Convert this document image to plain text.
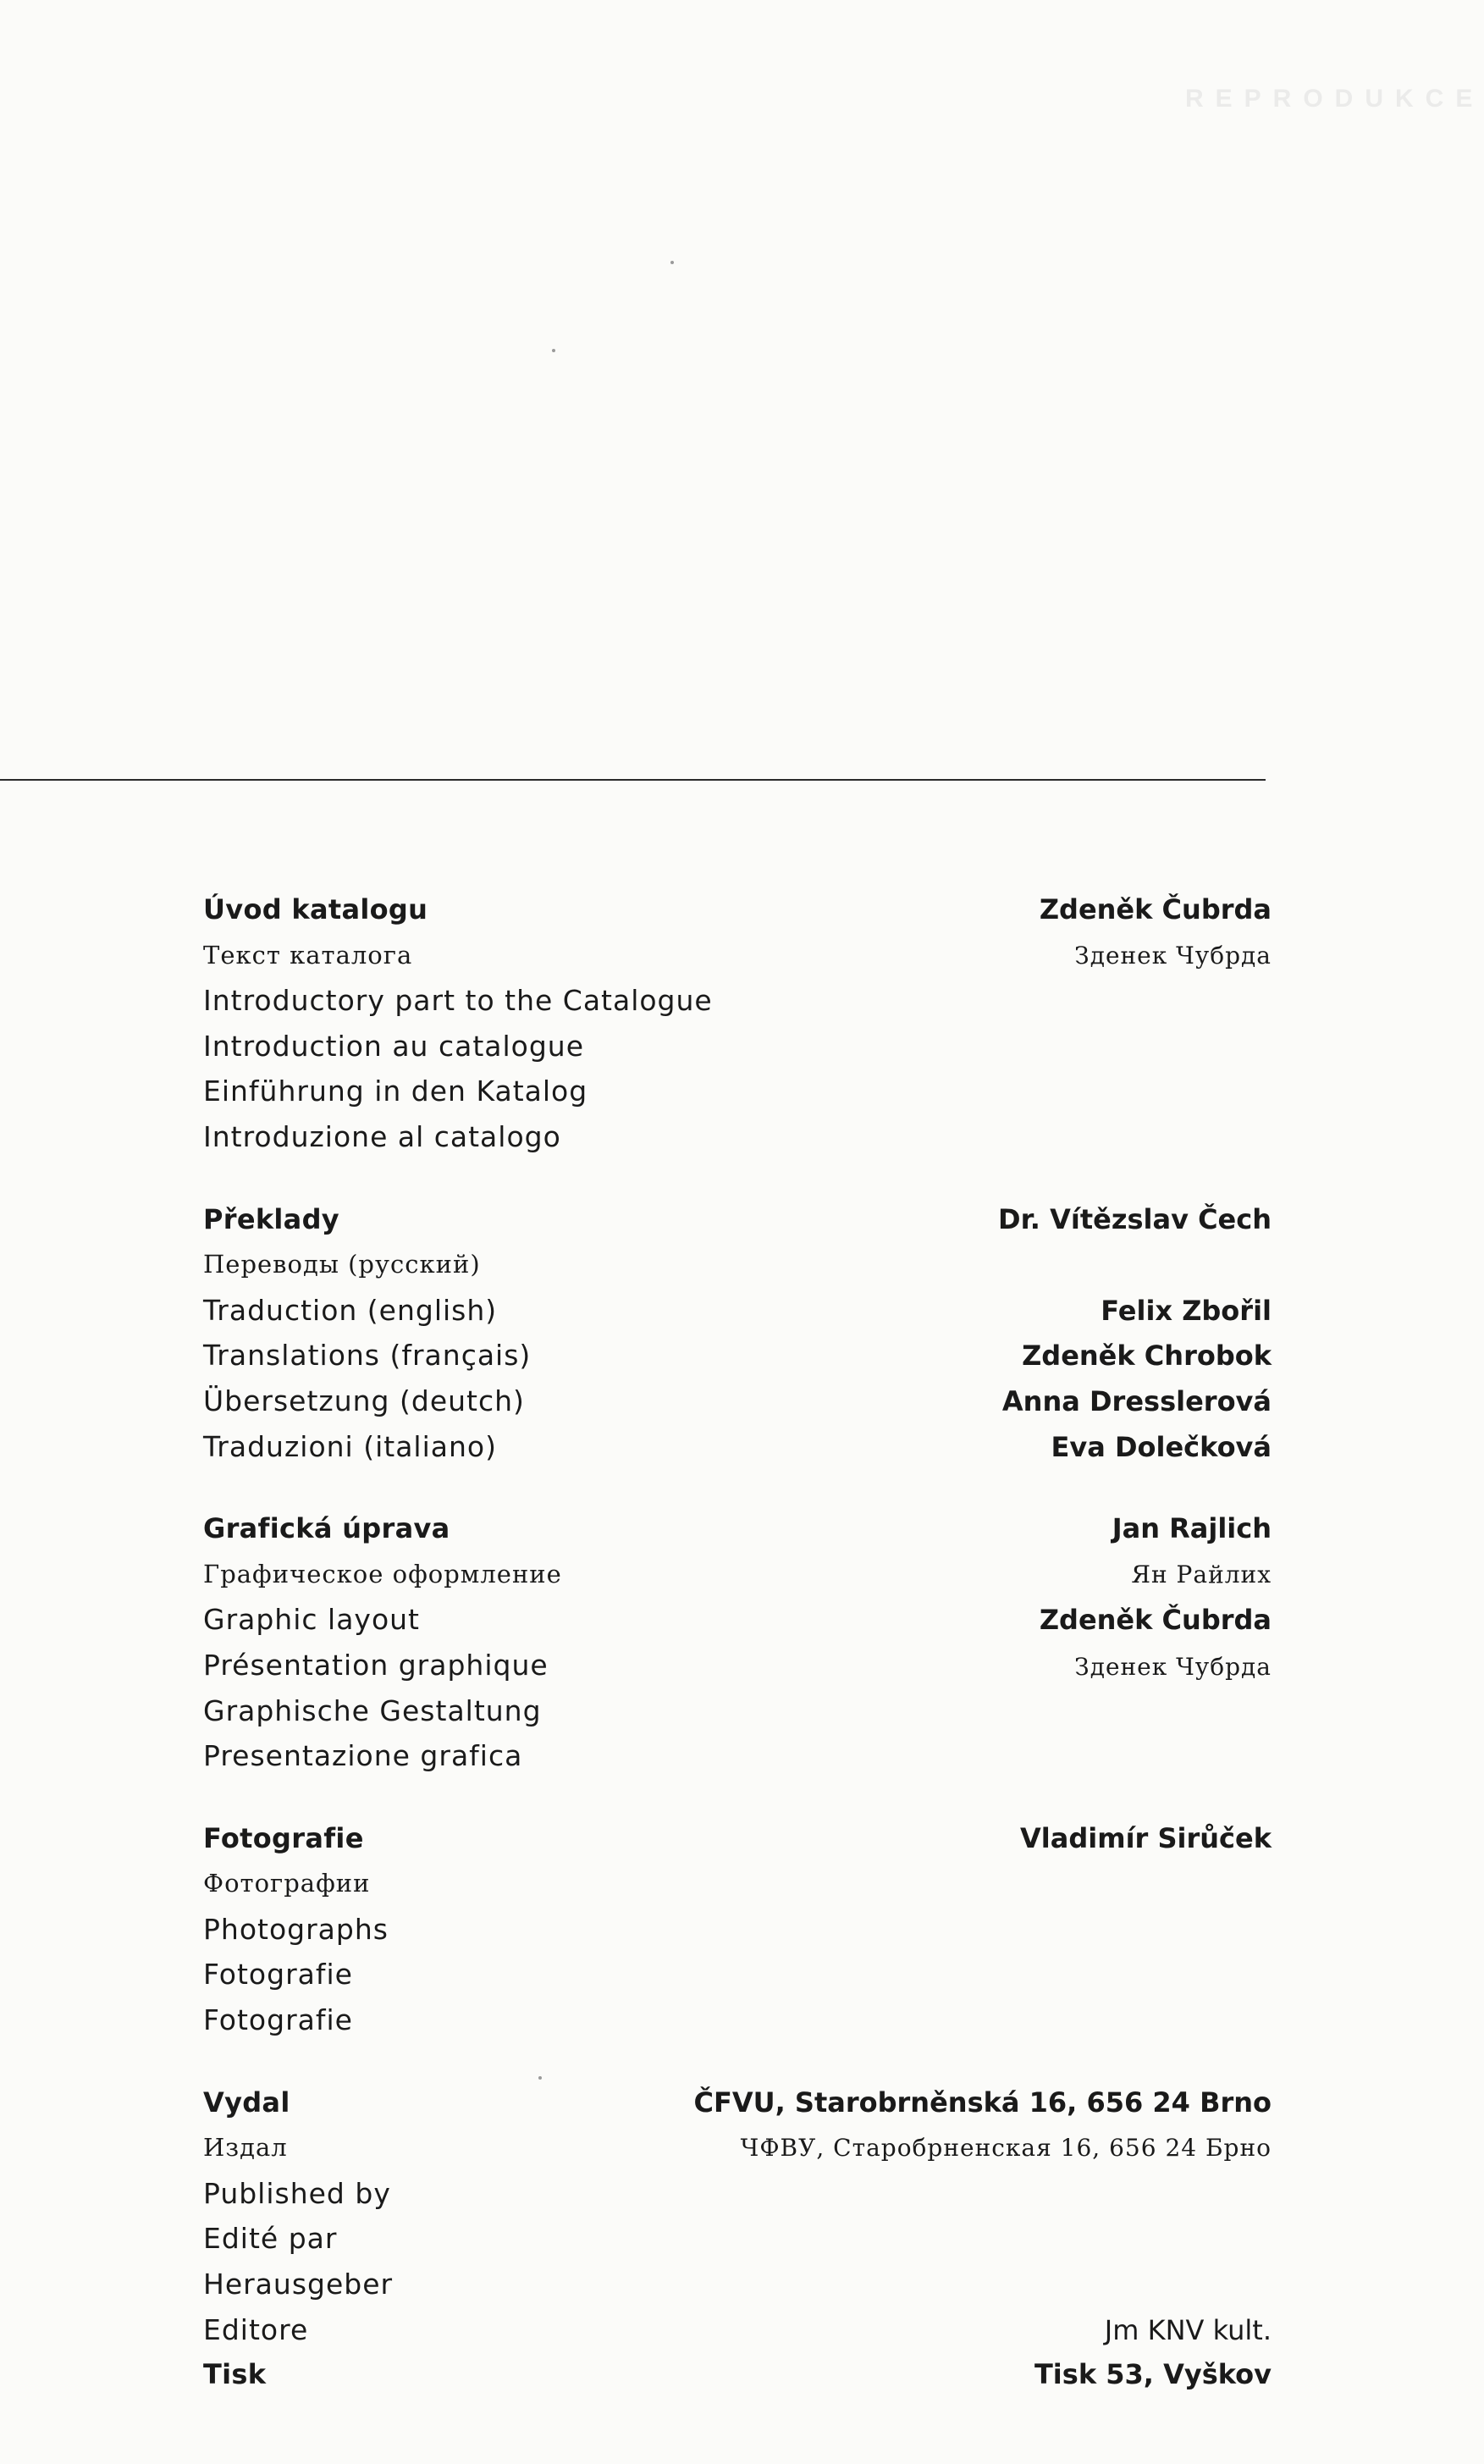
REPRODUKCE
Úvod katalogu	Zdeněk Čubrda
Текст каталога	Зденек Чубрда
Introductory part to the Catalogue
Introduction au catalogue
Einführung in den Katalog
Introduzione al catalogo
Překlady	Dr. Vítězslav Čech
Переводы (русский)
Traduction (english)	Felix Zbořil
Translations (français)	Zdeněk Chrobok
Übersetzung (deutch)	Anna Dresslerová
Traduzioni (italiano)	Eva Dolečková
Grafická úprava	Jan Rajlich
Графическое оформление	Ян Райлих
Graphic layout	Zdeněk Čubrda
Présentation graphique	Зденек Чубрда
Graphische Gestaltung
Presentazione grafica
Fotografie	Vladimír Sirůček
Фотографии
Photographs
Fotografie
Fotografie
Vydal	ČFVU, Starobrněnská 16, 656 24 Brno
Издал	ЧФВУ, Старобрненская 16, 656 24 Брно
Published by
Edité par
Herausgeber
Editore	Jm KNV kult.
Tisk	Tisk 53, Vyškov
